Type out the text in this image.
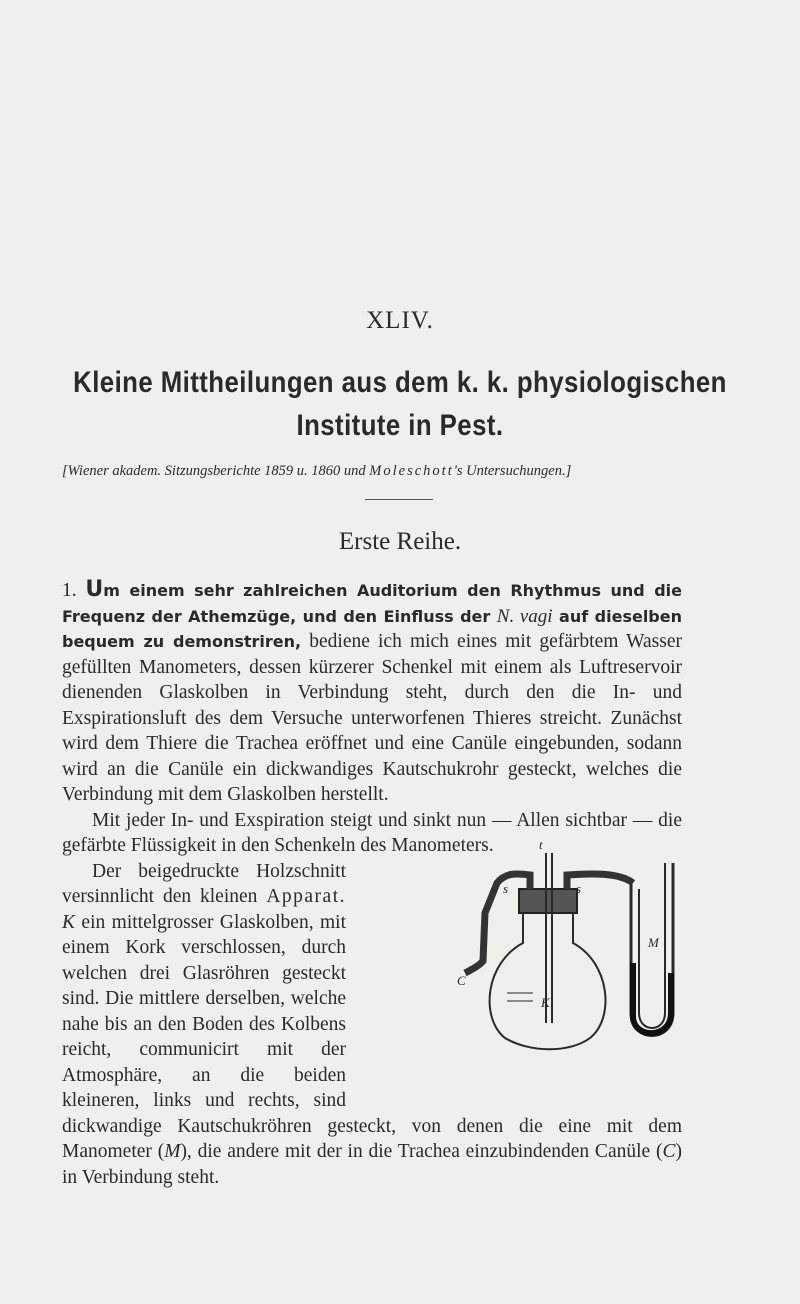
XLIV.
Kleine Mittheilungen aus dem k. k. physiologischen
Institute in Pest.
[Wiener akadem. Sitzungsberichte 1859 u. 1860 und Moleschott's Untersuchungen.]
Erste Reihe.

1. Um einem sehr zahlreichen Auditorium den Rhythmus und die Frequenz der Athemzüge, und den Einfluss der N. vagi auf dieselben bequem zu demonstriren, bediene ich mich eines mit gefärbtem Wasser gefüllten Manometers, dessen kürzerer Schenkel mit einem als Luftreservoir dienenden Glaskolben in Verbindung steht, durch den die In- und Exspirationsluft des dem Versuche unterworfenen Thieres streicht. Zunächst wird dem Thiere die Trachea eröffnet und eine Canüle eingebunden, sodann wird an die Canüle ein dickwandiges Kautschukrohr gesteckt, welches die Verbindung mit dem Glaskolben herstellt.

Mit jeder In- und Exspiration steigt und sinkt nun — Allen sichtbar — die gefärbte Flüssigkeit in den Schenkeln des Manometers.

Der beigedruckte Holzschnitt versinnlicht den kleinen Apparat. K ein mittelgrosser Glaskolben, mit einem Kork verschlossen, durch welchen drei Glasröhren gesteckt sind. Die mittlere derselben, welche nahe bis an den Boden des Kolbens reicht, communicirt mit der Atmosphäre, an die beiden kleineren, links und rechts, sind dickwandige Kautschukröhren gesteckt, von denen die eine mit dem Manometer (M), die andere mit der in die Trachea einzubindenden Canüle (C) in Verbindung steht.

t
s	s
M
C
K
